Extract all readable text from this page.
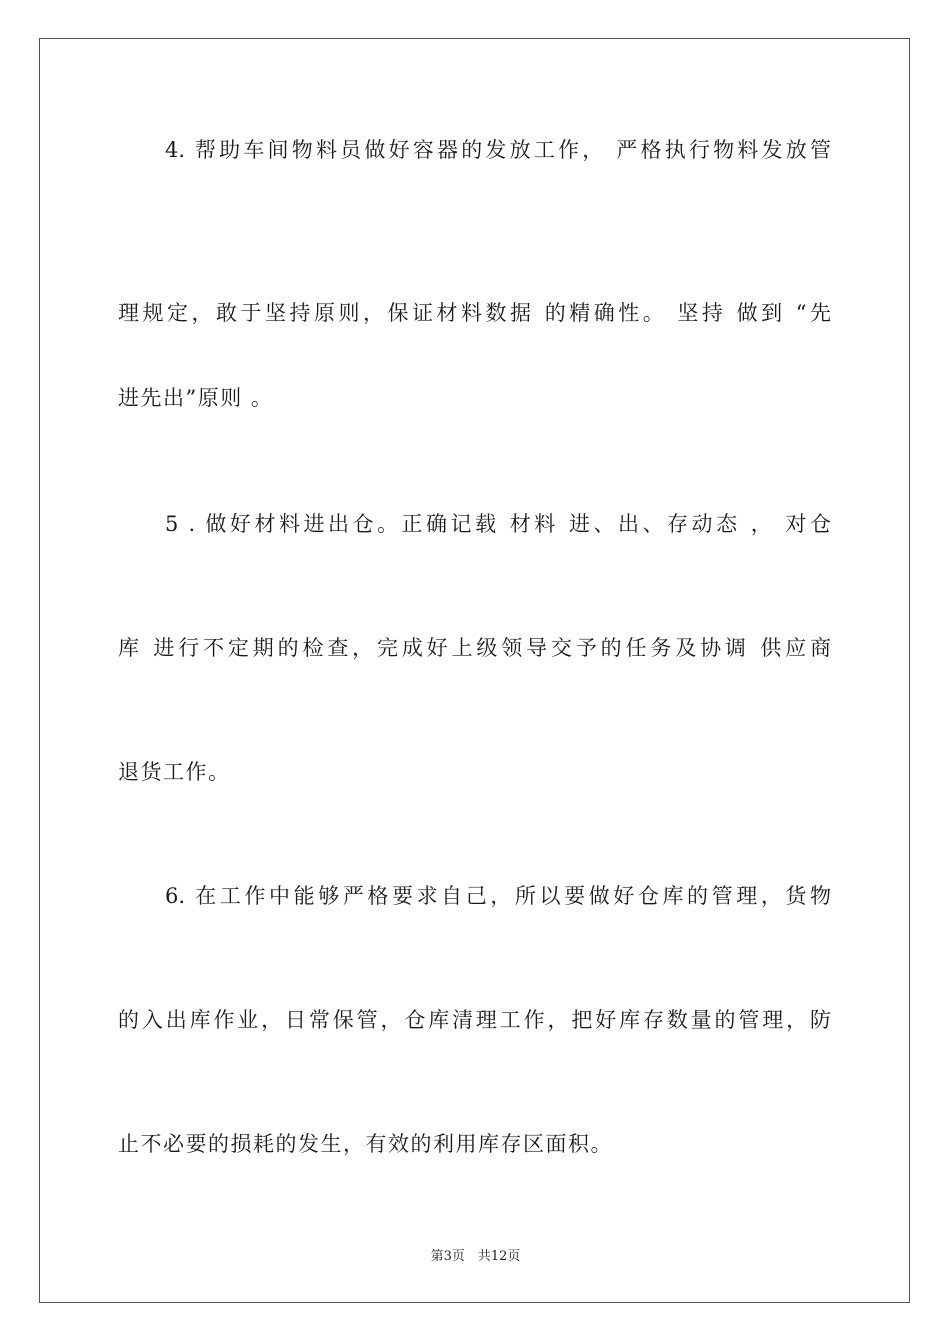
4. 帮助车间物料员做好容器的发放工作， 严格执行物料发放管
理规定，敢于坚持原则，保证材料数据 的精确性。 坚持 做到 “先
进先出”原则 。
5 . 做好材料进出仓。正确记载 材料 进、出、存动态 ， 对仓
库 进行不定期的检查，完成好上级领导交予的任务及协调 供应商
退货工作。
6. 在工作中能够严格要求自己，所以要做好仓库的管理，货物
的入出库作业，日常保管，仓库清理工作，把好库存数量的管理，防
止不必要的损耗的发生，有效的利用库存区面积。
第3页　共12页
